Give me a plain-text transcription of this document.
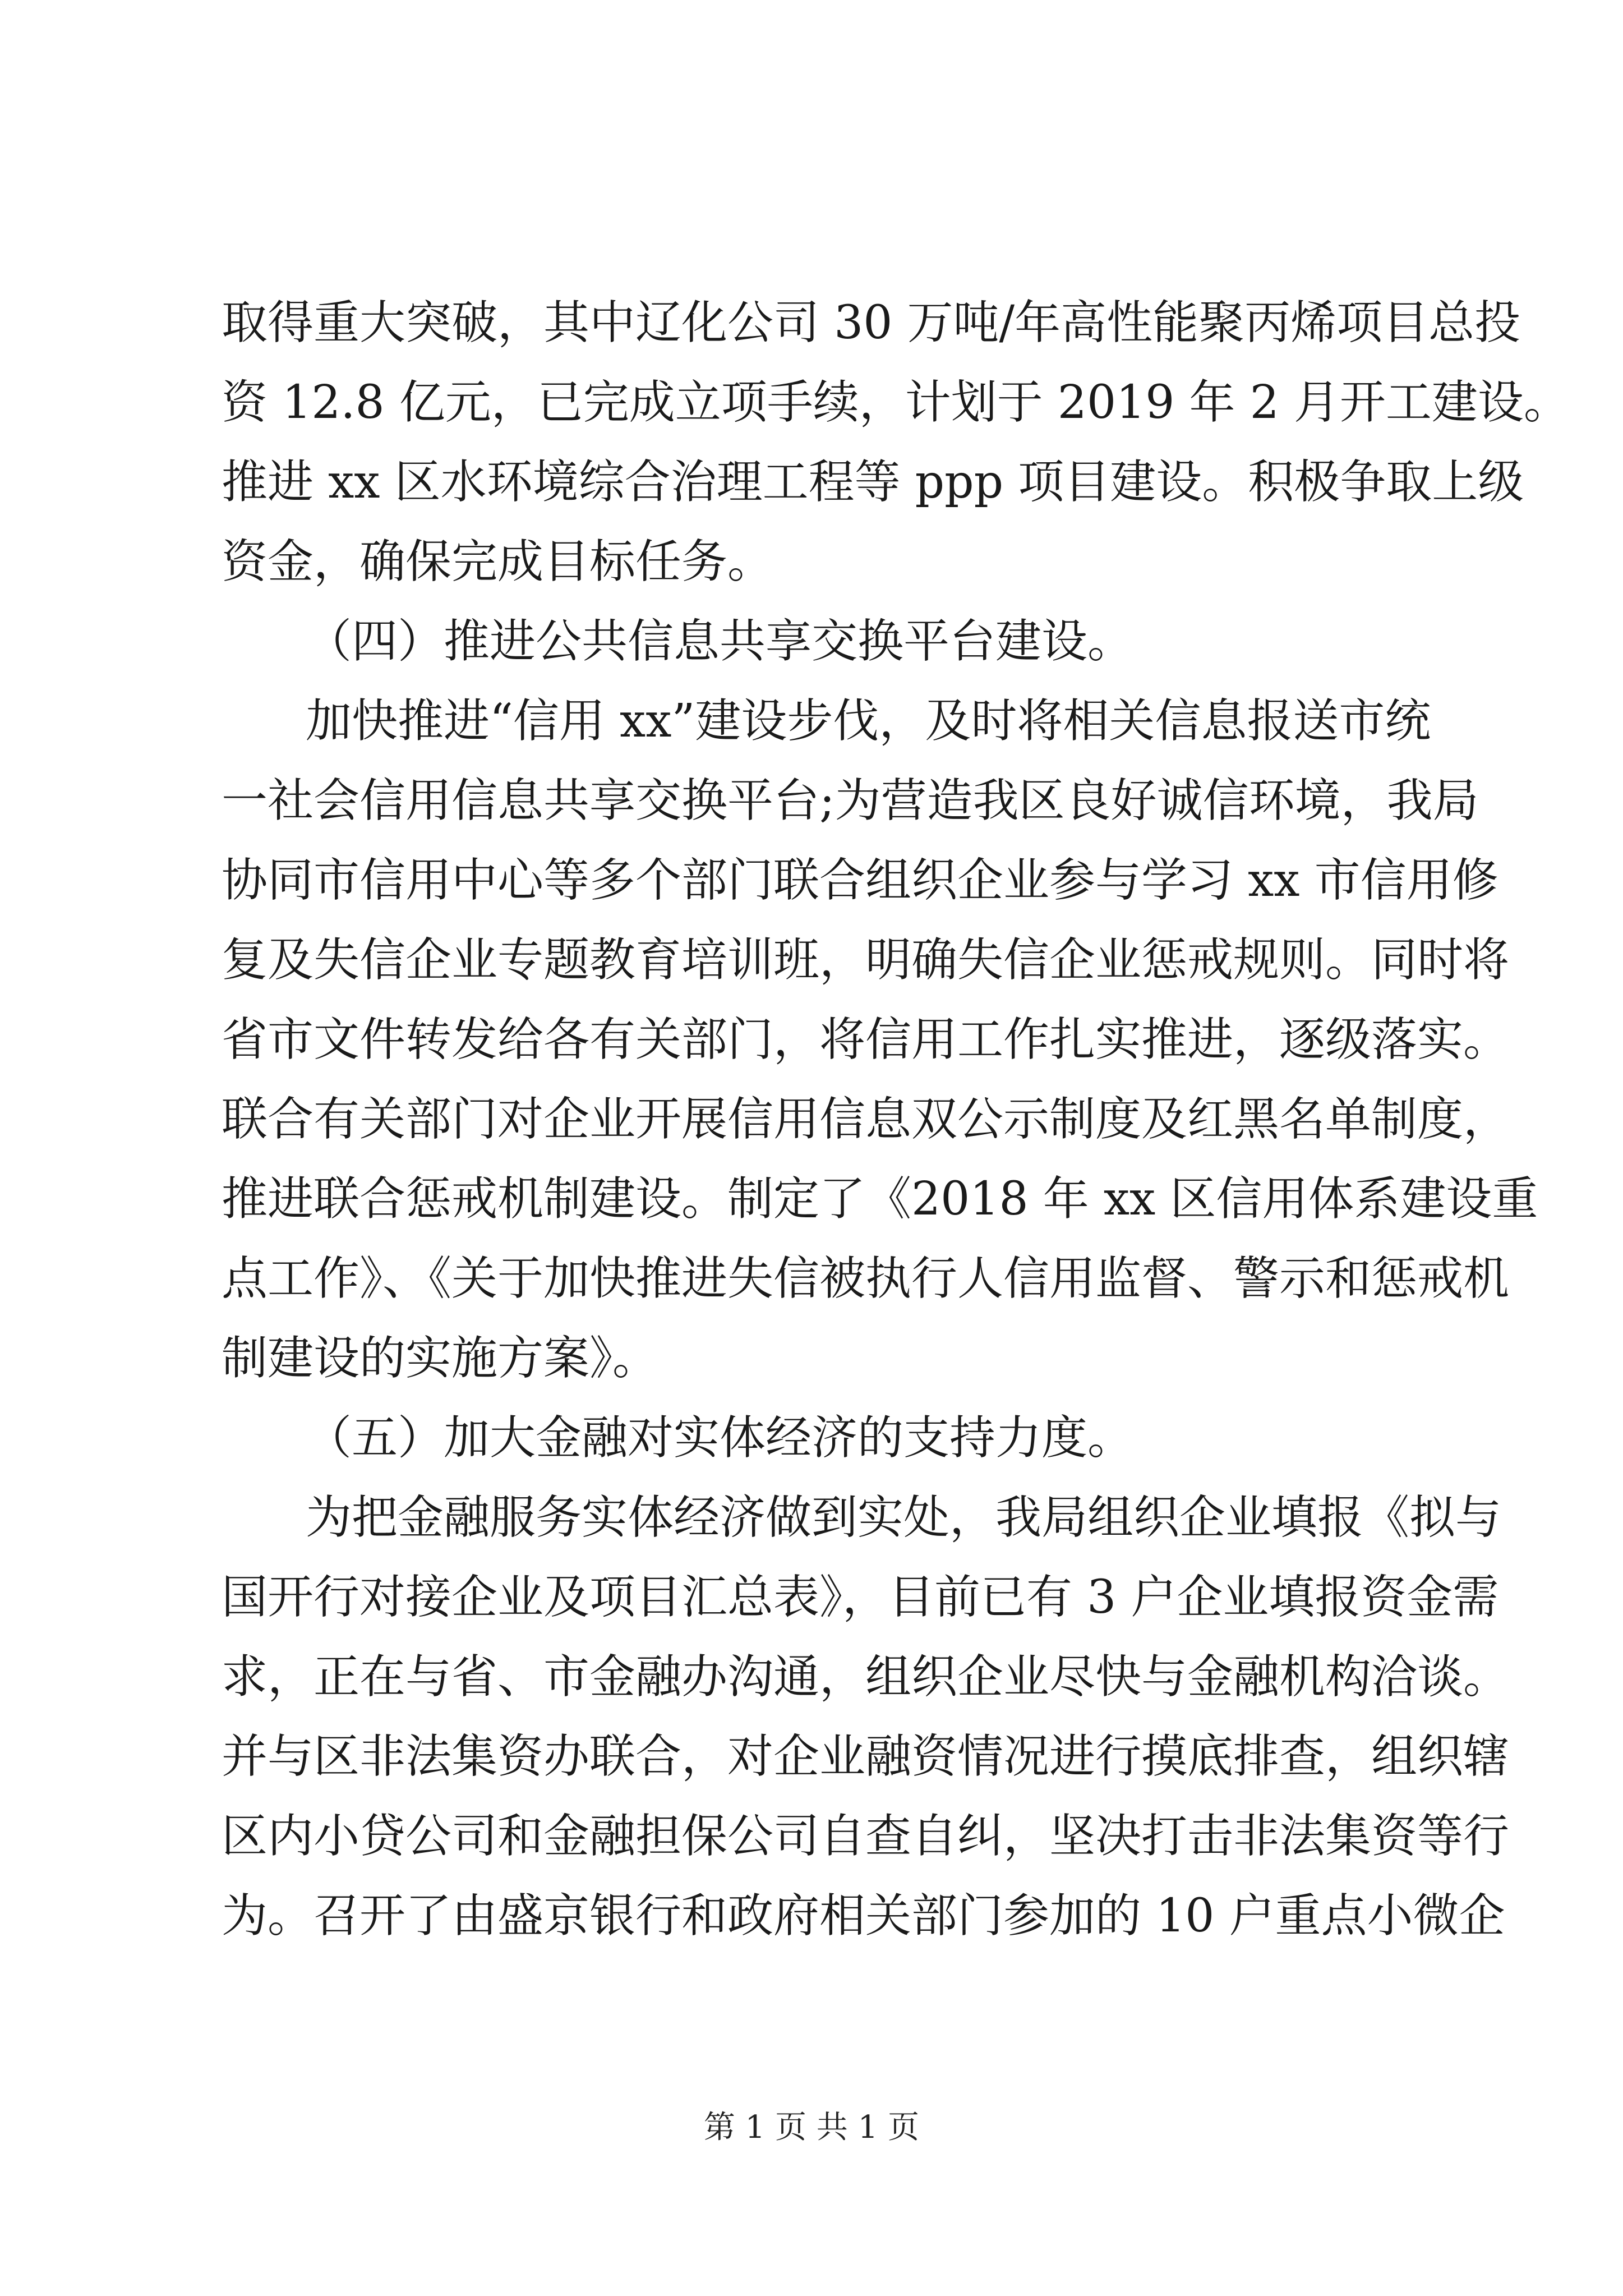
取得重大突破，其中辽化公司 30 万吨/年高性能聚丙烯项目总投
资 12.8 亿元，已完成立项手续，计划于 2019 年 2 月开工建设。
推进 xx 区水环境综合治理工程等 ppp 项目建设。积极争取上级
资金，确保完成目标任务。
（四）推进公共信息共享交换平台建设。
加快推进“信用 xx”建设步伐，及时将相关信息报送市统
一社会信用信息共享交换平台;为营造我区良好诚信环境，我局
协同市信用中心等多个部门联合组织企业参与学习 xx 市信用修
复及失信企业专题教育培训班，明确失信企业惩戒规则。同时将
省市文件转发给各有关部门，将信用工作扎实推进，逐级落实。
联合有关部门对企业开展信用信息双公示制度及红黑名单制度，
推进联合惩戒机制建设。制定了《2018 年 xx 区信用体系建设重
点工作》、《关于加快推进失信被执行人信用监督、警示和惩戒机
制建设的实施方案》。
（五）加大金融对实体经济的支持力度。
为把金融服务实体经济做到实处，我局组织企业填报《拟与
国开行对接企业及项目汇总表》，目前已有 3 户企业填报资金需
求，正在与省、市金融办沟通，组织企业尽快与金融机构洽谈。
并与区非法集资办联合，对企业融资情况进行摸底排查，组织辖
区内小贷公司和金融担保公司自查自纠，坚决打击非法集资等行
为。召开了由盛京银行和政府相关部门参加的 10 户重点小微企
第 1 页 共 1 页
